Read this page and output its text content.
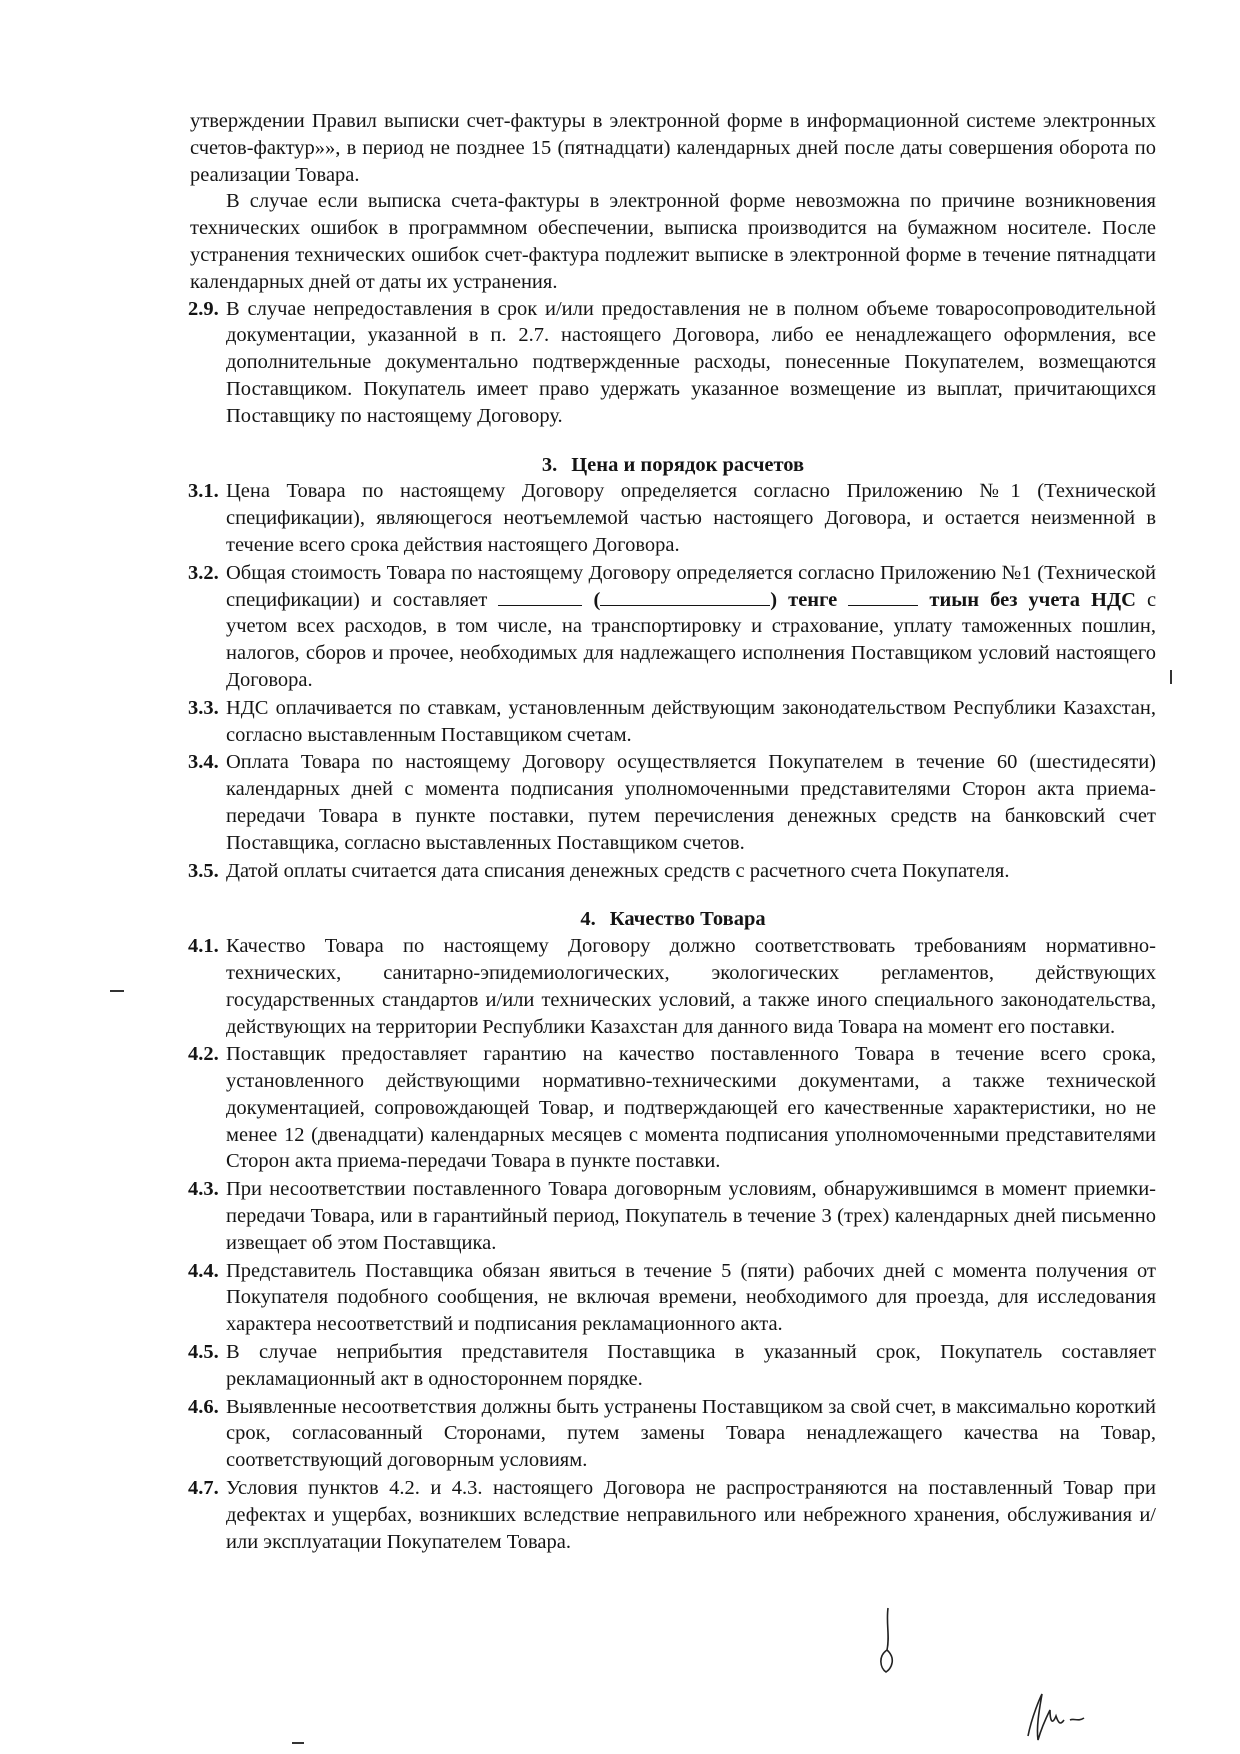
утверждении Правил выписки счет-фактуры в электронной форме в информационной системе электронных счетов-фактур»», в период не позднее 15 (пятнадцати) календарных дней после даты совершения оборота по реализации Товара.

В случае если выписка счета-фактуры в электронной форме невозможна по причине возникновения технических ошибок в программном обеспечении, выписка производится на бумажном носителе. После устранения технических ошибок счет-фактура подлежит выписке в электронной форме в течение пятнадцати календарных дней от даты их устранения.

2.9. В случае непредоставления в срок и/или предоставления не в полном объеме товаросопроводительной документации, указанной в п. 2.7. настоящего Договора, либо ее ненадлежащего оформления, все дополнительные документально подтвержденные расходы, понесенные Покупателем, возмещаются Поставщиком. Покупатель имеет право удержать указанное возмещение из выплат, причитающихся Поставщику по настоящему Договору.
3. Цена и порядок расчетов
3.1. Цена Товара по настоящему Договору определяется согласно Приложению №1 (Технической спецификации), являющегося неотъемлемой частью настоящего Договора, и остается неизменной в течение всего срока действия настоящего Договора.
3.2. Общая стоимость Товара по настоящему Договору определяется согласно Приложению №1 (Технической спецификации) и составляет	(	) тенге	тиын без учета НДС с учетом всех расходов, в том числе, на транспортировку и страхование, уплату таможенных пошлин, налогов, сборов и прочее, необходимых для надлежащего исполнения Поставщиком условий настоящего Договора.
3.3. НДС оплачивается по ставкам, установленным действующим законодательством Республики Казахстан, согласно выставленным Поставщиком счетам.
3.4. Оплата Товара по настоящему Договору осуществляется Покупателем в течение 60 (шестидесяти) календарных дней с момента подписания уполномоченными представителями Сторон акта приема-передачи Товара в пункте поставки, путем перечисления денежных средств на банковский счет Поставщика, согласно выставленных Поставщиком счетов.
3.5. Датой оплаты считается дата списания денежных средств с расчетного счета Покупателя.
4. Качество Товара
4.1. Качество Товара по настоящему Договору должно соответствовать требованиям нормативно-технических, санитарно-эпидемиологических, экологических регламентов, действующих государственных стандартов и/или технических условий, а также иного специального законодательства, действующих на территории Республики Казахстан для данного вида Товара на момент его поставки.
4.2. Поставщик предоставляет гарантию на качество поставленного Товара в течение всего срока, установленного действующими нормативно-техническими документами, а также технической документацией, сопровождающей Товар, и подтверждающей его качественные характеристики, но не менее 12 (двенадцати) календарных месяцев с момента подписания уполномоченными представителями Сторон акта приема-передачи Товара в пункте поставки.
4.3. При несоответствии поставленного Товара договорным условиям, обнаружившимся в момент приемки-передачи Товара, или в гарантийный период, Покупатель в течение 3 (трех) календарных дней письменно извещает об этом Поставщика.
4.4. Представитель Поставщика обязан явиться в течение 5 (пяти) рабочих дней с момента получения от Покупателя подобного сообщения, не включая времени, необходимого для проезда, для исследования характера несоответствий и подписания рекламационного акта.
4.5. В случае неприбытия представителя Поставщика в указанный срок, Покупатель составляет рекламационный акт в одностороннем порядке.
4.6. Выявленные несоответствия должны быть устранены Поставщиком за свой счет, в максимально короткий срок, согласованный Сторонами, путем замены Товара ненадлежащего качества на Товар, соответствующий договорным условиям.
4.7. Условия пунктов 4.2. и 4.3. настоящего Договора не распространяются на поставленный Товар при дефектах и ущербах, возникших вследствие неправильного или небрежного хранения, обслуживания и/или эксплуатации Покупателем Товара.
